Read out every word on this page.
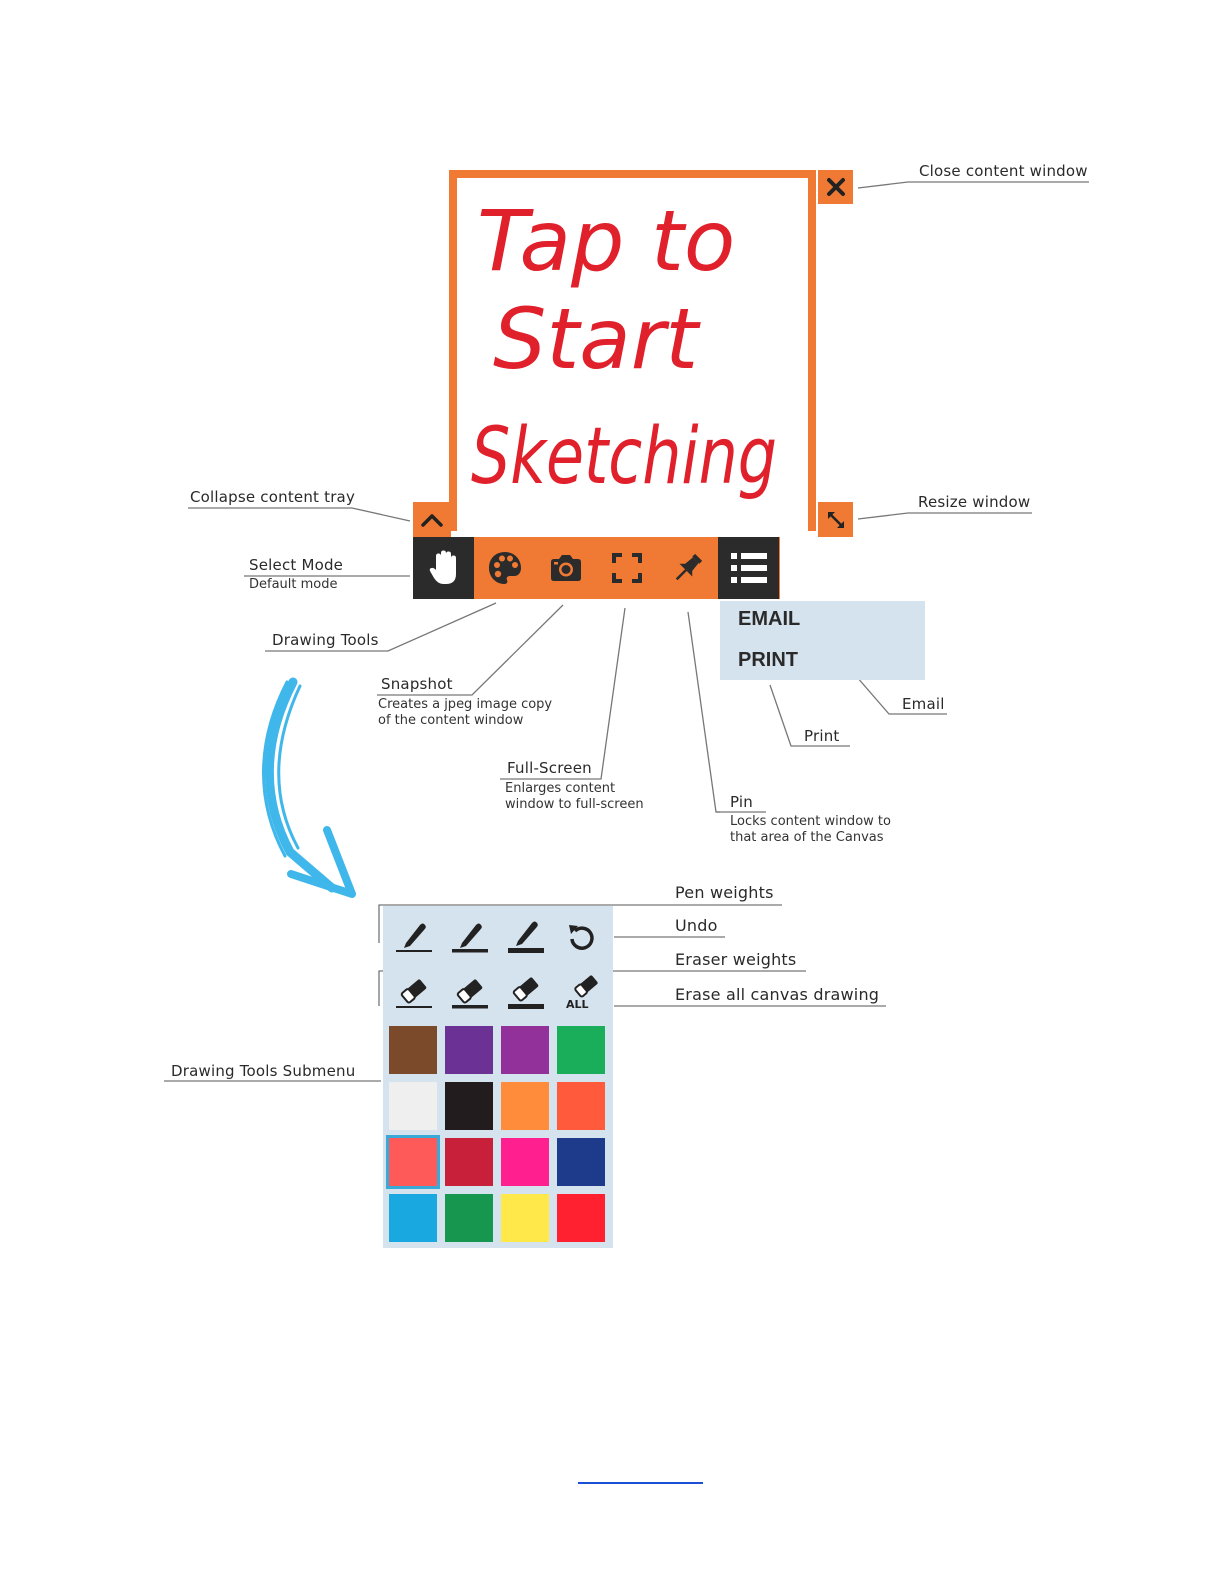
Tap to
Start
Sketching
EMAIL
PRINT
Close content window
Resize window
Collapse content tray
Select Mode
Default mode
Drawing Tools
Snapshot
Creates a jpeg image copy
of the content window
Full-Screen
Enlarges content
window to full-screen	Pin
Locks content window to
that area of the Canvas
Email
Print
Pen weights
Undo
Eraser weights
Erase all canvas drawing
Drawing Tools Submenu
ALL
